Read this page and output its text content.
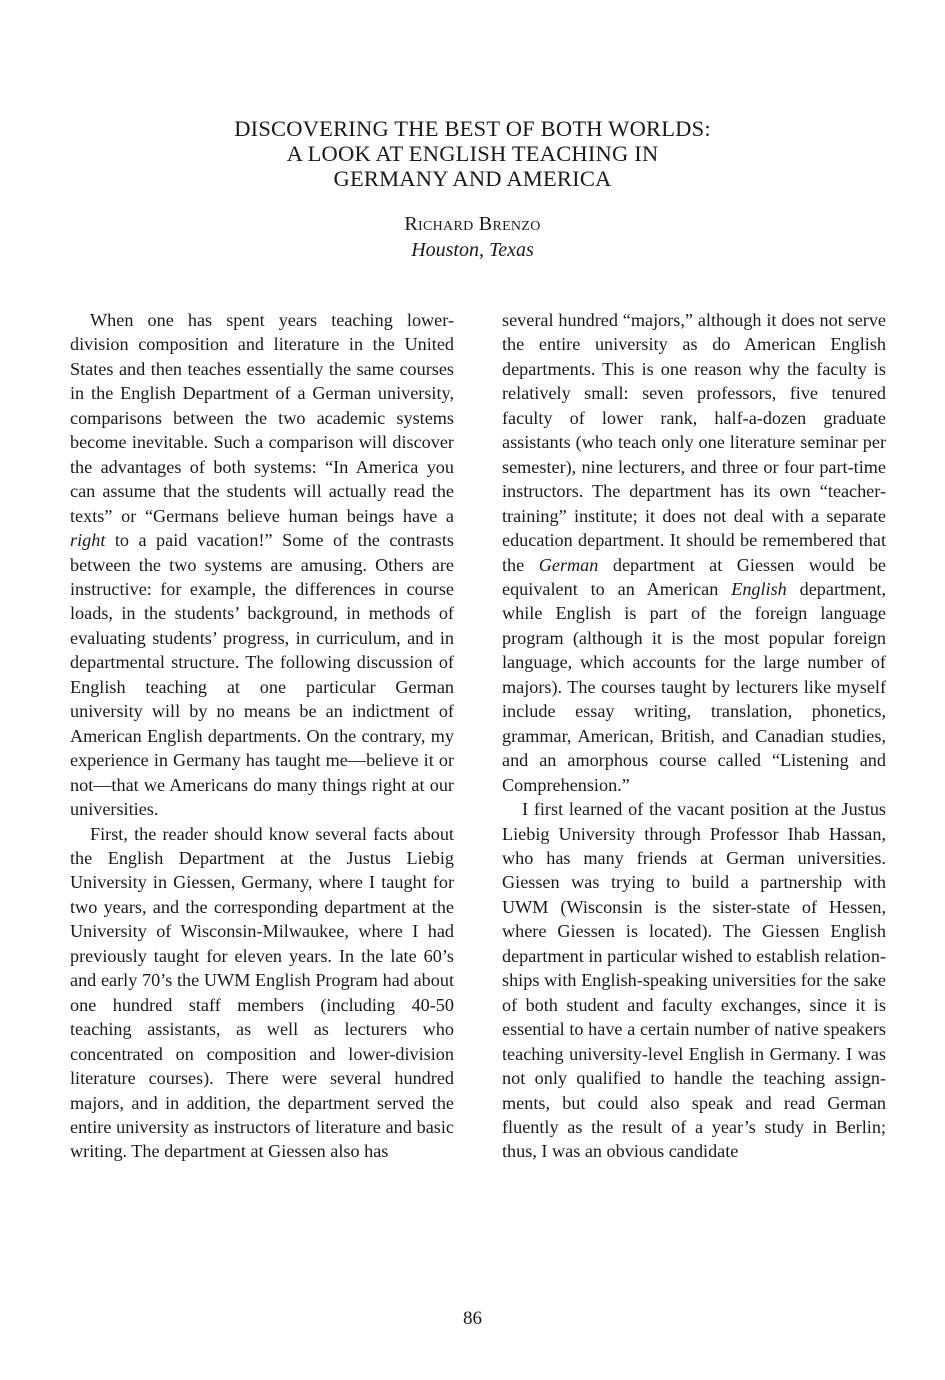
DISCOVERING THE BEST OF BOTH WORLDS:
A LOOK AT ENGLISH TEACHING IN
GERMANY AND AMERICA
Richard Brenzo
Houston, Texas

When one has spent years teaching lower-division composition and literature in the United States and then teaches essentially the same courses in the English Department of a German university, comparisons between the two academic systems become inevitable. Such a comparison will discover the advantages of both systems: “In America you can assume that the students will actually read the texts” or “Germans believe human beings have a right to a paid vacation!” Some of the contrasts between the two systems are amusing. Others are instructive: for example, the differences in course loads, in the students’ background, in methods of evaluating students’ progress, in curriculum, and in departmental structure. The following discussion of English teaching at one particular German university will by no means be an indictment of American English departments. On the contrary, my experience in Germany has taught me—believe it or not—that we Americans do many things right at our universities.

First, the reader should know several facts about the English Department at the Justus Liebig University in Giessen, Germany, where I taught for two years, and the corresponding department at the University of Wisconsin-Milwaukee, where I had previously taught for eleven years. In the late 60’s and early 70’s the UWM English Program had about one hundred staff members (including 40-50 teaching assistants, as well as lecturers who concentrated on composition and lower-division literature courses). There were several hundred majors, and in addition, the department served the entire university as instructors of literature and basic writing. The department at Giessen also has

several hundred “majors,” although it does not serve the entire university as do American English departments. This is one reason why the faculty is relatively small: seven professors, five tenured faculty of lower rank, half-a-dozen graduate assistants (who teach only one literature seminar per semester), nine lecturers, and three or four part-time instructors. The department has its own “teacher-training” institute; it does not deal with a separate education department. It should be remembered that the German department at Giessen would be equivalent to an American English department, while English is part of the foreign language program (although it is the most popular foreign language, which accounts for the large number of majors). The courses taught by lecturers like myself include essay writing, translation, phonetics, grammar, American, British, and Canadian studies, and an amorphous course called “Listening and Comprehension.”

I first learned of the vacant position at the Justus Liebig University through Professor Ihab Hassan, who has many friends at German universities. Giessen was trying to build a partnership with UWM (Wisconsin is the sister-state of Hessen, where Giessen is located). The Giessen English department in particular wished to establish relationships with English-speaking universities for the sake of both student and faculty exchanges, since it is essential to have a certain number of native speakers teaching university-level English in Germany. I was not only qualified to handle the teaching assignments, but could also speak and read German fluently as the result of a year’s study in Berlin; thus, I was an obvious candidate

86
